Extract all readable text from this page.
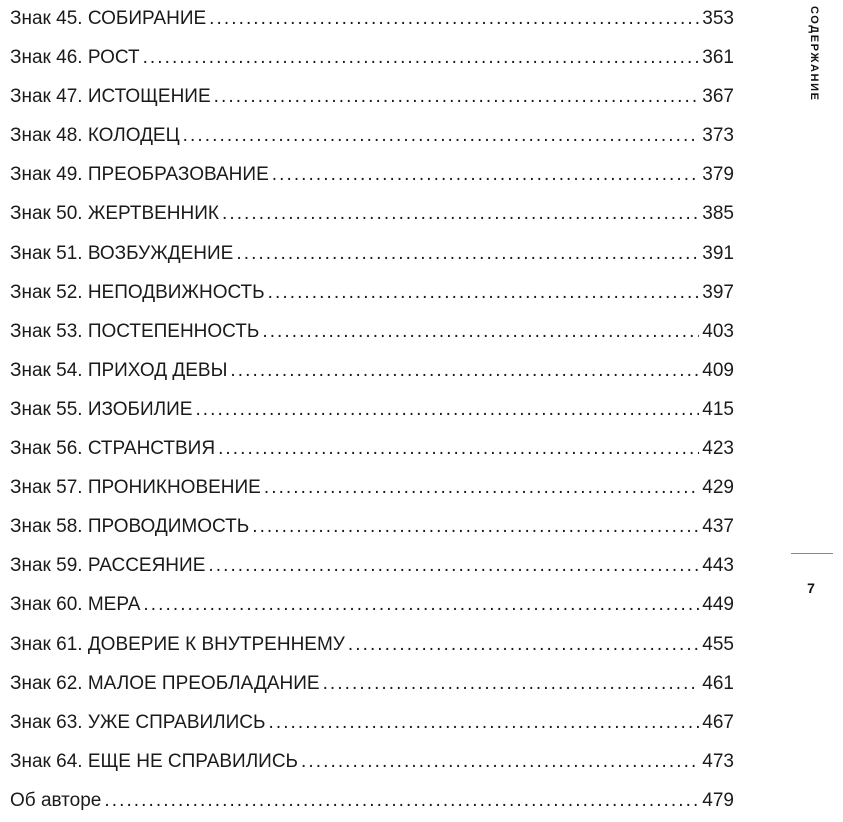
Знак 45. СОБИРАНИЕ . . .	353
Знак 46. РОСТ . . .	361
Знак 47. ИСТОЩЕНИЕ . . .	367
Знак 48. КОЛОДЕЦ . . .	373
Знак 49. ПРЕОБРАЗОВАНИЕ . . .	379
Знак 50. ЖЕРТВЕННИК . . .	385
Знак 51. ВОЗБУЖДЕНИЕ . . .	391
Знак 52. НЕПОДВИЖНОСТЬ . . .	397
Знак 53. ПОСТЕПЕННОСТЬ . . .	403
Знак 54. ПРИХОД ДЕВЫ . . .	409
Знак 55. ИЗОБИЛИЕ . . .	415
Знак 56. СТРАНСТВИЯ . . .	423
Знак 57. ПРОНИКНОВЕНИЕ . . .	429
Знак 58. ПРОВОДИМОСТЬ . . .	437
Знак 59. РАССЕЯНИЕ . . .	443
Знак 60. МЕРА . . .	449
Знак 61. ДОВЕРИЕ К ВНУТРЕННЕМУ . . .	455
Знак 62. МАЛОЕ ПРЕОБЛАДАНИЕ . . .	461
Знак 63. УЖЕ СПРАВИЛИСЬ . . .	467
Знак 64. ЕЩЕ НЕ СПРАВИЛИСЬ . . .	473
Об авторе . . .	479
СОДЕРЖАНИЕ
7
